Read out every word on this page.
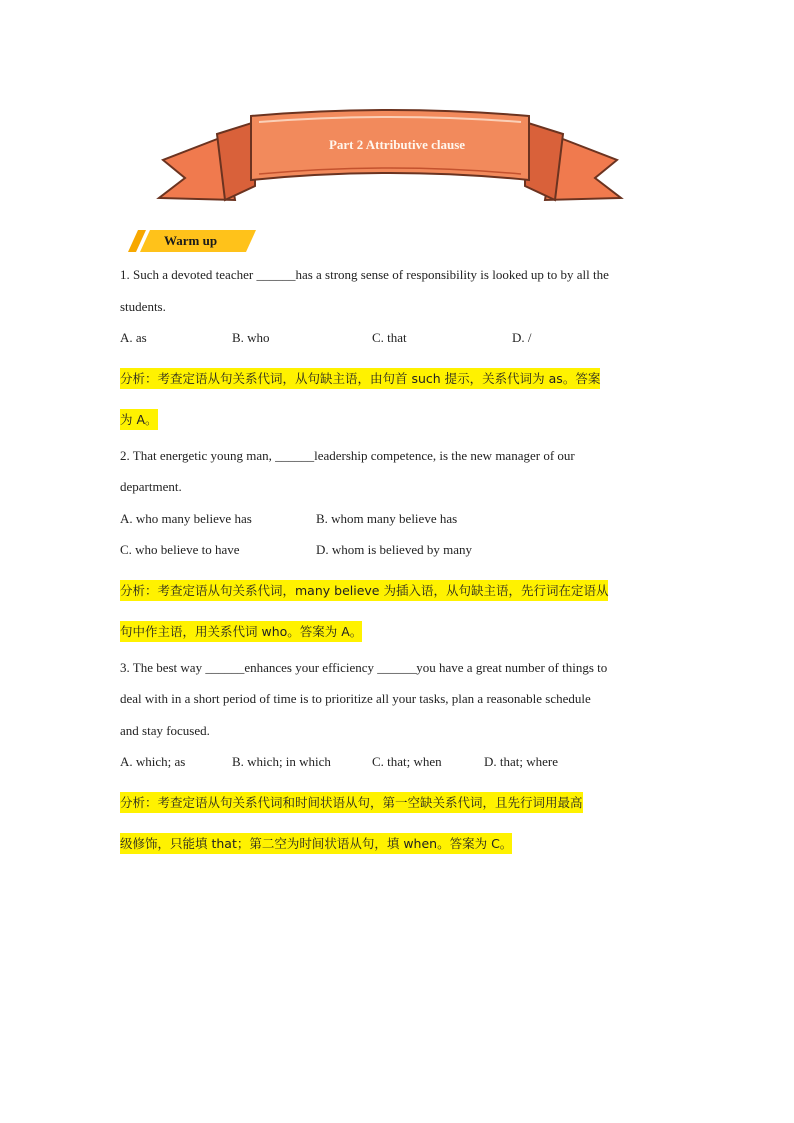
Part 2 Attributive clause
Warm up

1. Such a devoted teacher ______has a strong sense of responsibility is looked up to by all the

students.

A. as	B. who	C. that	D. /
分析：考查定语从句关系代词，从句缺主语，由句首 such 提示，关系代词为 as。答案
为 A。

2. That energetic young man, ______leadership competence, is the new manager of our

department.

A. who many believe has	B. whom many believe has
C. who believe to have	D. whom is believed by many
分析：考查定语从句关系代词，many believe 为插入语，从句缺主语，先行词在定语从
句中作主语，用关系代词 who。答案为 A。

3. The best way ______enhances your efficiency ______you have a great number of things to

deal with in a short period of time is to prioritize all your tasks, plan a reasonable schedule

and stay focused.

A. which; as	B. which; in which	C. that; when	D. that; where
分析：考查定语从句关系代词和时间状语从句，第一空缺关系代词，且先行词用最高
级修饰，只能填 that；第二空为时间状语从句，填 when。答案为 C。
